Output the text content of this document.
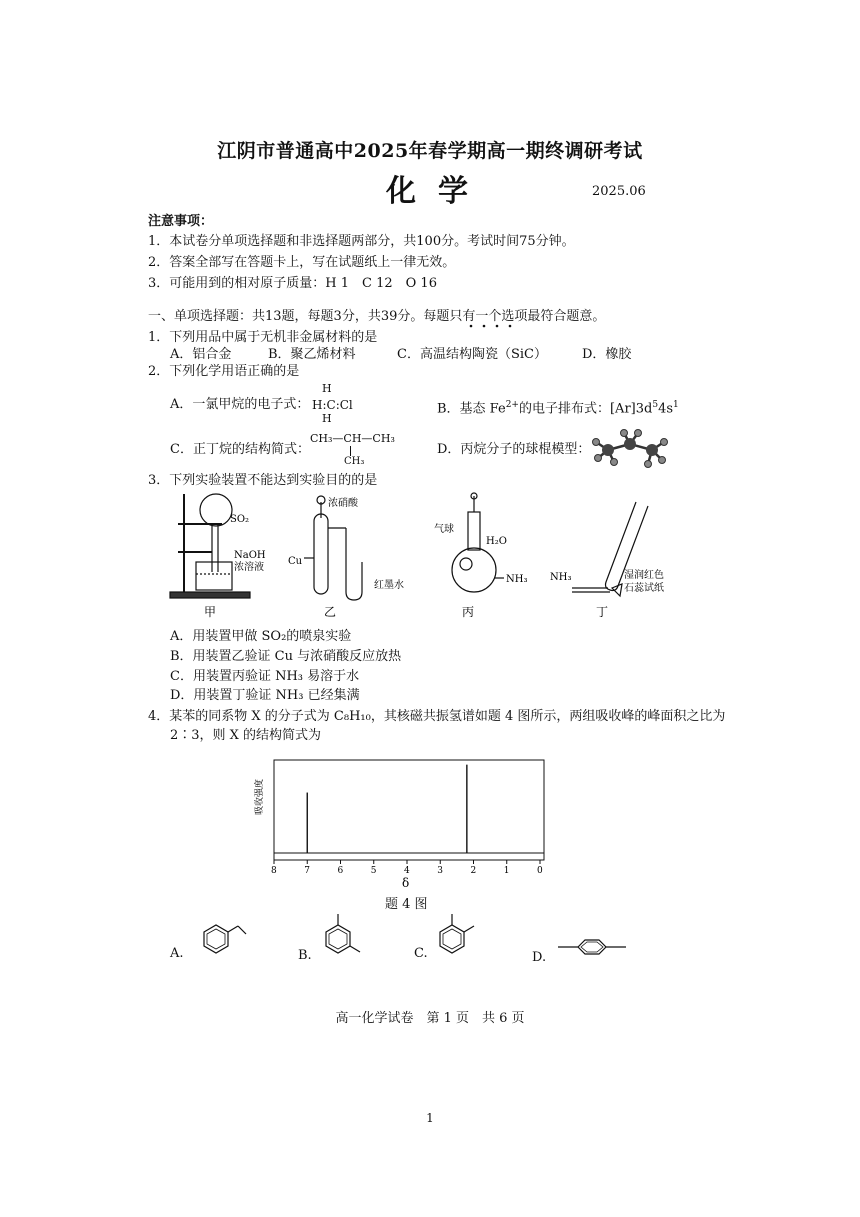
江阴市普通高中2025年春学期高一期终调研考试
化学	2025.06
注意事项：
1．本试卷分单项选择题和非选择题两部分，共100分。考试时间75分钟。
2．答案全部写在答题卡上，写在试题纸上一律无效。
3．可能用到的相对原子质量：H 1　C 12　O 16
一、单项选择题：共13题，每题3分，共39分。每题只有一个选项最符合题意。
1．下列用品中属于无机非金属材料的是
A．铝合金	B．聚乙烯材料	C．高温结构陶瓷（SiC）	D．橡胶
2．下列化学用语正确的是
A．一氯甲烷的电子式：
H
H:C:Cl
H
B．基态 $Fe^{2+}$的电子排布式：$[Ar]3d^54s^1$
C．正丁烷的结构简式：
CH₃—CH—CH₃
CH₃
D．丙烷分子的球棍模型：
3．下列实验装置不能达到实验目的的是
SO₂
NaOH
浓溶液
甲
浓硝酸
Cu
红墨水
乙
H₂O
气球
NH₃
丙
NH₃	湿润红色
石蕊试纸
丁
A．用装置甲做 SO₂的喷泉实验
B．用装置乙验证 Cu 与浓硝酸反应放热
C．用装置丙验证 NH₃ 易溶于水
D．用装置丁验证 NH₃ 已经集满
4．某苯的同系物 X 的分子式为 C₈H₁₀，其核磁共振氢谱如题 4 图所示，两组吸收峰的峰面积之比为
2∶3，则 X 的结构简式为
吸收强度
8	7	6	5	4	3	2	1	0
δ
题 4 图
A.	B.	C.	D.
高一化学试卷　第 1 页　共 6 页
1
